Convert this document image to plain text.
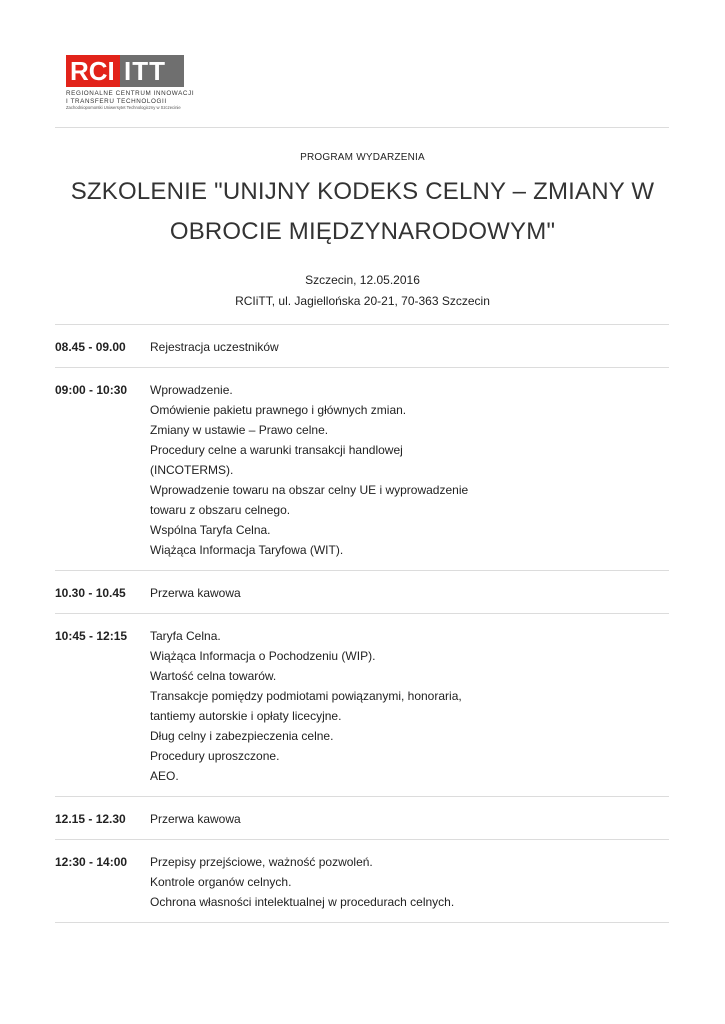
RCI ITT
REGIONALNE CENTRUM INNOWACJI
I TRANSFERU TECHNOLOGII
Zachodniopomorski Uniwersytet Technologiczny w Szczecinie
PROGRAM WYDARZENIA
SZKOLENIE "UNIJNY KODEKS CELNY – ZMIANY W
OBROCIE MIĘDZYNARODOWYM"
Szczecin, 12.05.2016
RCIiTT, ul. Jagiellońska 20-21, 70-363 Szczecin
08.45 - 09.00	Rejestracja uczestników
09:00 - 10:30	Wprowadzenie.
Omówienie pakietu prawnego i głównych zmian.
Zmiany w ustawie – Prawo celne.
Procedury celne a warunki transakcji handlowej
(INCOTERMS).
Wprowadzenie towaru na obszar celny UE i wyprowadzenie
towaru z obszaru celnego.
Wspólna Taryfa Celna.
Wiążąca Informacja Taryfowa (WIT).
10.30 - 10.45	Przerwa kawowa
10:45 - 12:15	Taryfa Celna.
Wiążąca Informacja o Pochodzeniu (WIP).
Wartość celna towarów.
Transakcje pomiędzy podmiotami powiązanymi, honoraria,
tantiemy autorskie i opłaty licecyjne.
Dług celny i zabezpieczenia celne.
Procedury uproszczone.
AEO.
12.15 - 12.30	Przerwa kawowa
12:30 - 14:00	Przepisy przejściowe, ważność pozwoleń.
Kontrole organów celnych.
Ochrona własności intelektualnej w procedurach celnych.
